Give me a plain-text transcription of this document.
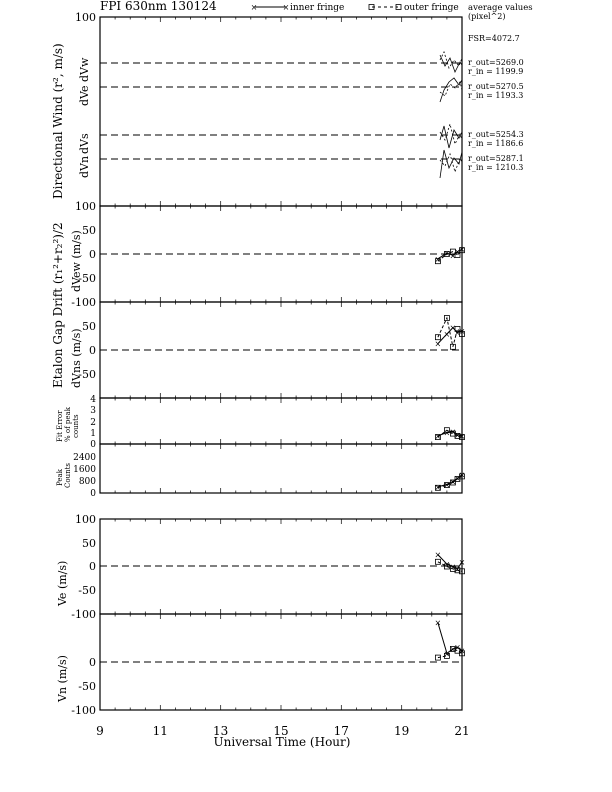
FPI 630nm 130124	×	× inner fringe	outer fringe average values
(pixel^2)
FSR=4072.7
100
100
Directional Wind (r², m/s) dVw
dVe
dVs
dVn
r_out=5269.0
r_in = 1199.9
r_out=5270.5
r_in = 1193.3
r_out=5254.3
r_in = 1186.6
r_out=5287.1
r_in = 1210.3
50
0
-50
-100
Etalon Gap Drift (r₁²+r₂²)/2 dVew (m/s)	×
× ×
×
×
50
0
-50
dVns (m/s)	×
×
×
×
×
4
3
2
1
0
Fit Error % of peak counts	× × ×
×
×
2400
1600
800
0
Peak Counts	× × ×
×
×
100
50
0
-50
-100
Ve (m/s)
×
× ×
×
×
0
-50
-100
Vn (m/s)
×
× ×
×
×
9	11	13	15	17	19	21
Universal Time (Hour)
